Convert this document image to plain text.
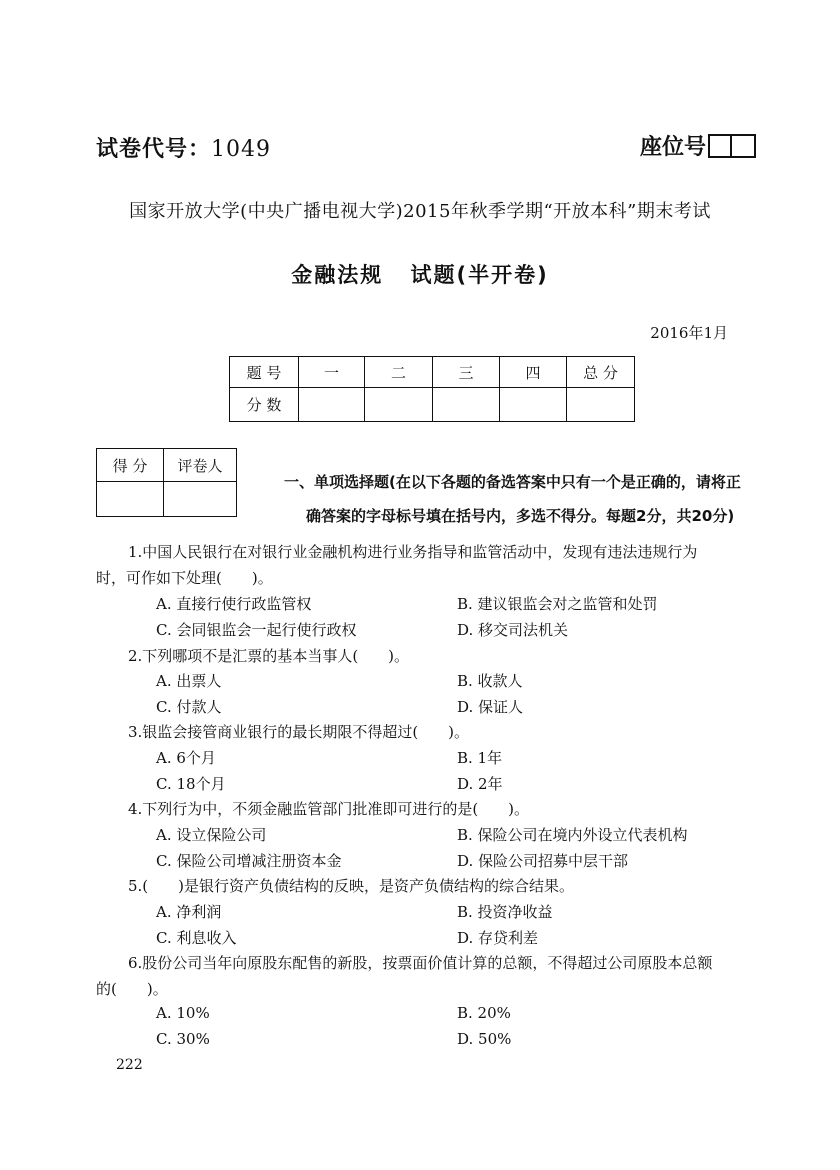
试卷代号：1049	座位号
国家开放大学(中央广播电视大学)2015年秋季学期“开放本科”期末考试
金融法规 试题(半开卷)
2016年1月
题 号	一	二	三	四	总 分
分 数					
得 分	评卷人

一、单项选择题(在以下各题的备选答案中只有一个是正确的，请将正
确答案的字母标号填在括号内，多选不得分。每题2分，共20分)
1.中国人民银行在对银行业金融机构进行业务指导和监管活动中，发现有违法违规行为
时，可作如下处理(　　)。
A. 直接行使行政监管权	B. 建议银监会对之监管和处罚
C. 会同银监会一起行使行政权	D. 移交司法机关
2.下列哪项不是汇票的基本当事人(　　)。
A. 出票人	B. 收款人
C. 付款人	D. 保证人
3.银监会接管商业银行的最长期限不得超过(　　)。
A. 6个月	B. 1年
C. 18个月	D. 2年
4.下列行为中，不须金融监管部门批准即可进行的是(　　)。
A. 设立保险公司	B. 保险公司在境内外设立代表机构
C. 保险公司增减注册资本金	D. 保险公司招募中层干部
5.(　　)是银行资产负债结构的反映，是资产负债结构的综合结果。
A. 净利润	B. 投资净收益
C. 利息收入	D. 存贷利差
6.股份公司当年向原股东配售的新股，按票面价值计算的总额，不得超过公司原股本总额
的(　　)。
A. 10%	B. 20%
C. 30%	D. 50%
222
